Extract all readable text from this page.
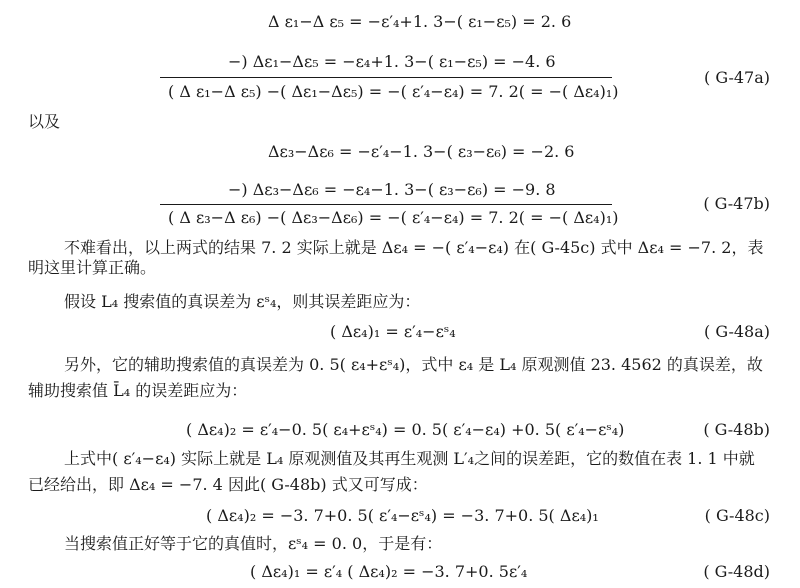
Δ ε₁−Δ ε₅ = −ε′₄+1. 3−( ε₁−ε₅) = 2. 6
−) Δε₁−Δε₅ = −ε₄+1. 3−( ε₁−ε₅) = −4. 6
( Δ ε₁−Δ ε₅) −( Δε₁−Δε₅) = −( ε′₄−ε₄) = 7. 2( = −( Δε₄)₁)
( G-47a)
以及
Δε₃−Δε₆ = −ε′₄−1. 3−( ε₃−ε₆) = −2. 6
−) Δε₃−Δε₆ = −ε₄−1. 3−( ε₃−ε₆) = −9. 8
( Δ ε₃−Δ ε₆) −( Δε₃−Δε₆) = −( ε′₄−ε₄) = 7. 2( = −( Δε₄)₁)
( G-47b)
不难看出，以上两式的结果 7. 2 实际上就是 Δε₄ = −( ε′₄−ε₄) 在( G-45c) 式中 Δε₄ = −7. 2，表明这里计算正确。
假设 L₄ 搜索值的真误差为 εˢ₄，则其误差距应为：
( Δε₄)₁ = ε′₄−εˢ₄	( G-48a)
另外，它的辅助搜索值的真误差为 0. 5( ε₄+εˢ₄)，式中 ε₄ 是 L₄ 原观测值 23. 4562 的真误差，故辅助搜索值 L̄₄ 的误差距应为：
( Δε₄)₂ = ε′₄−0. 5( ε₄+εˢ₄) = 0. 5( ε′₄−ε₄) +0. 5( ε′₄−εˢ₄)	( G-48b)
上式中( ε′₄−ε₄) 实际上就是 L₄ 原观测值及其再生观测 L′₄之间的误差距，它的数值在表 1. 1 中就已经给出，即 Δε₄ = −7. 4 因此( G-48b) 式又可写成：
( Δε₄)₂ = −3. 7+0. 5( ε′₄−εˢ₄) = −3. 7+0. 5( Δε₄)₁	( G-48c)
当搜索值正好等于它的真值时，εˢ₄ = 0. 0，于是有：
( Δε₄)₁ = ε′₄ ( Δε₄)₂ = −3. 7+0. 5ε′₄	( G-48d)
